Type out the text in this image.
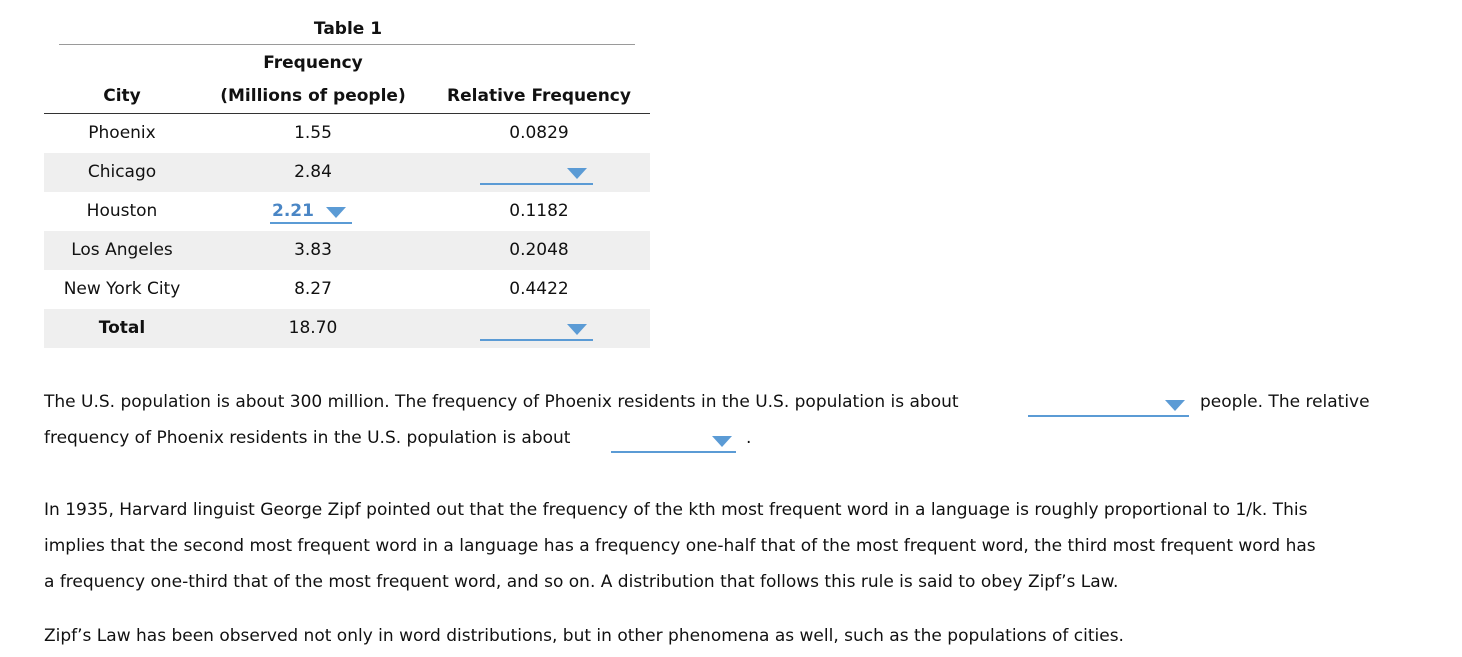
Table 1
Frequency
City	(Millions of people)	Relative Frequency
Phoenix	1.55	0.0829
Chicago	2.84
Houston	2.21	0.1182
Los Angeles	3.83	0.2048
New York City	8.27	0.4422
Total	18.70
The U.S. population is about 300 million. The frequency of Phoenix residents in the U.S. population is about	people. The relative
frequency of Phoenix residents in the U.S. population is about	.
In 1935, Harvard linguist George Zipf pointed out that the frequency of the kth most frequent word in a language is roughly proportional to 1/k. This
implies that the second most frequent word in a language has a frequency one-half that of the most frequent word, the third most frequent word has
a frequency one-third that of the most frequent word, and so on. A distribution that follows this rule is said to obey Zipf’s Law.
Zipf’s Law has been observed not only in word distributions, but in other phenomena as well, such as the populations of cities.
